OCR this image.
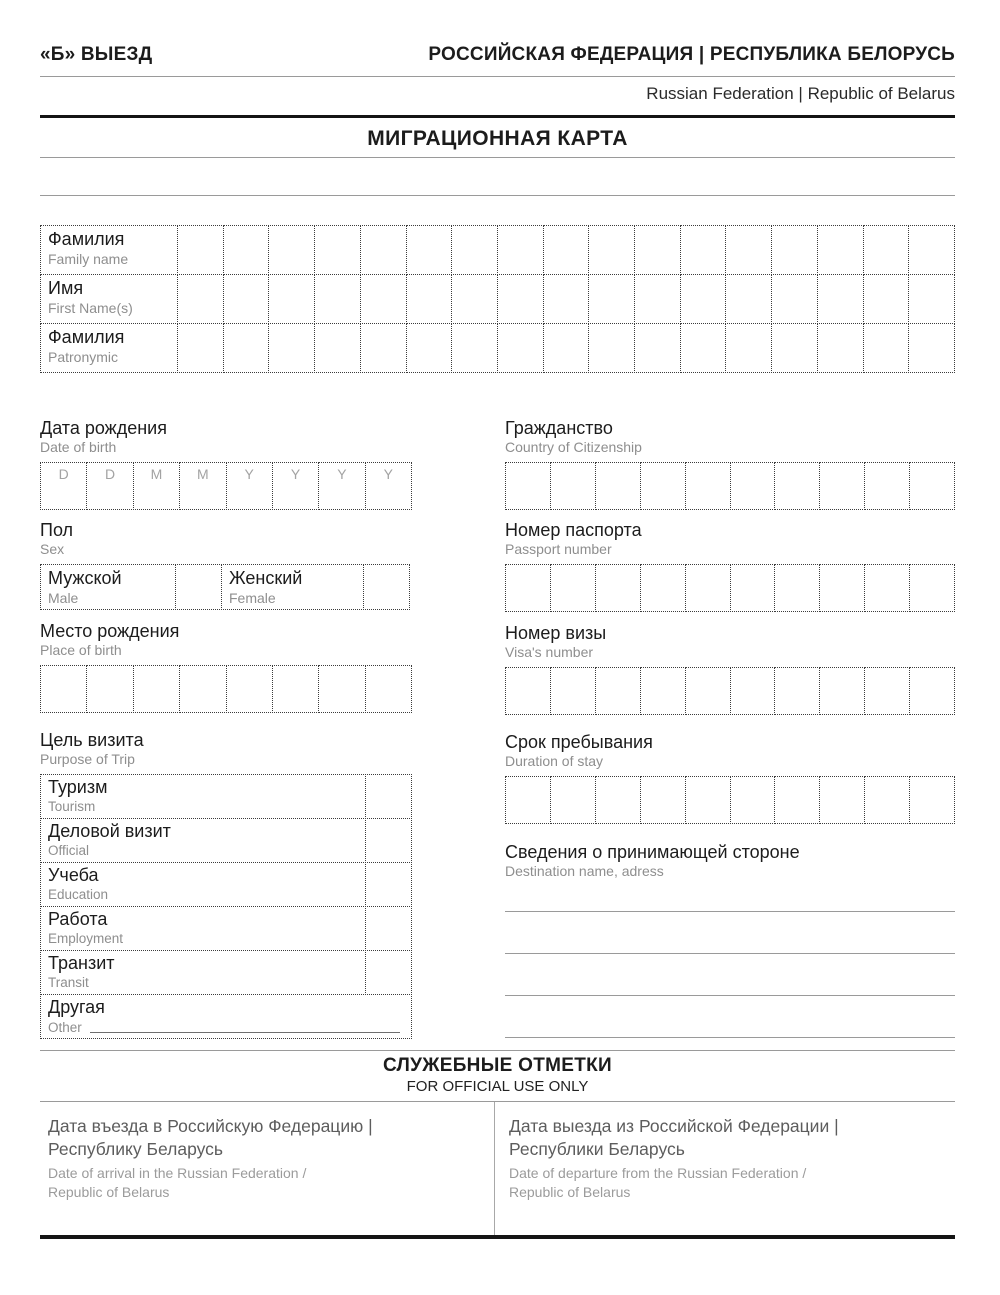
«Б» ВЫЕЗД	РОССИЙСКАЯ ФЕДЕРАЦИЯ | РЕСПУБЛИКА БЕЛОРУСЬ
Russian Federation | Republic of Belarus
МИГРАЦИОННАЯ КАРТА
Фамилия
Family name
Имя
First Name(s)
Фамилия
Patronymic
Дата рождения
Date of birth
D	D	M	M	Y	Y	Y	Y
Пол
Sex
Мужской
Male
Женский
Female
Место рождения
Place of birth
Цель визита
Purpose of Trip
Туризм
Tourism
Деловой визит
Official
Учеба
Education
Работа
Employment
Транзит
Transit
Другая
Other
Гражданство
Country of Citizenship
Номер паспорта
Passport number
Номер визы
Visa's number
Срок пребывания
Duration of stay
Сведения о принимающей стороне
Destination name, adress
СЛУЖЕБНЫЕ ОТМЕТКИ
FOR OFFICIAL USE ONLY
Дата въезда в Российскую Федерацию |
Республику Беларусь
Date of arrival in the Russian Federation /
Republic of Belarus
Дата выезда из Российской Федерации |
Республики Беларусь
Date of departure from the Russian Federation /
Republic of Belarus
